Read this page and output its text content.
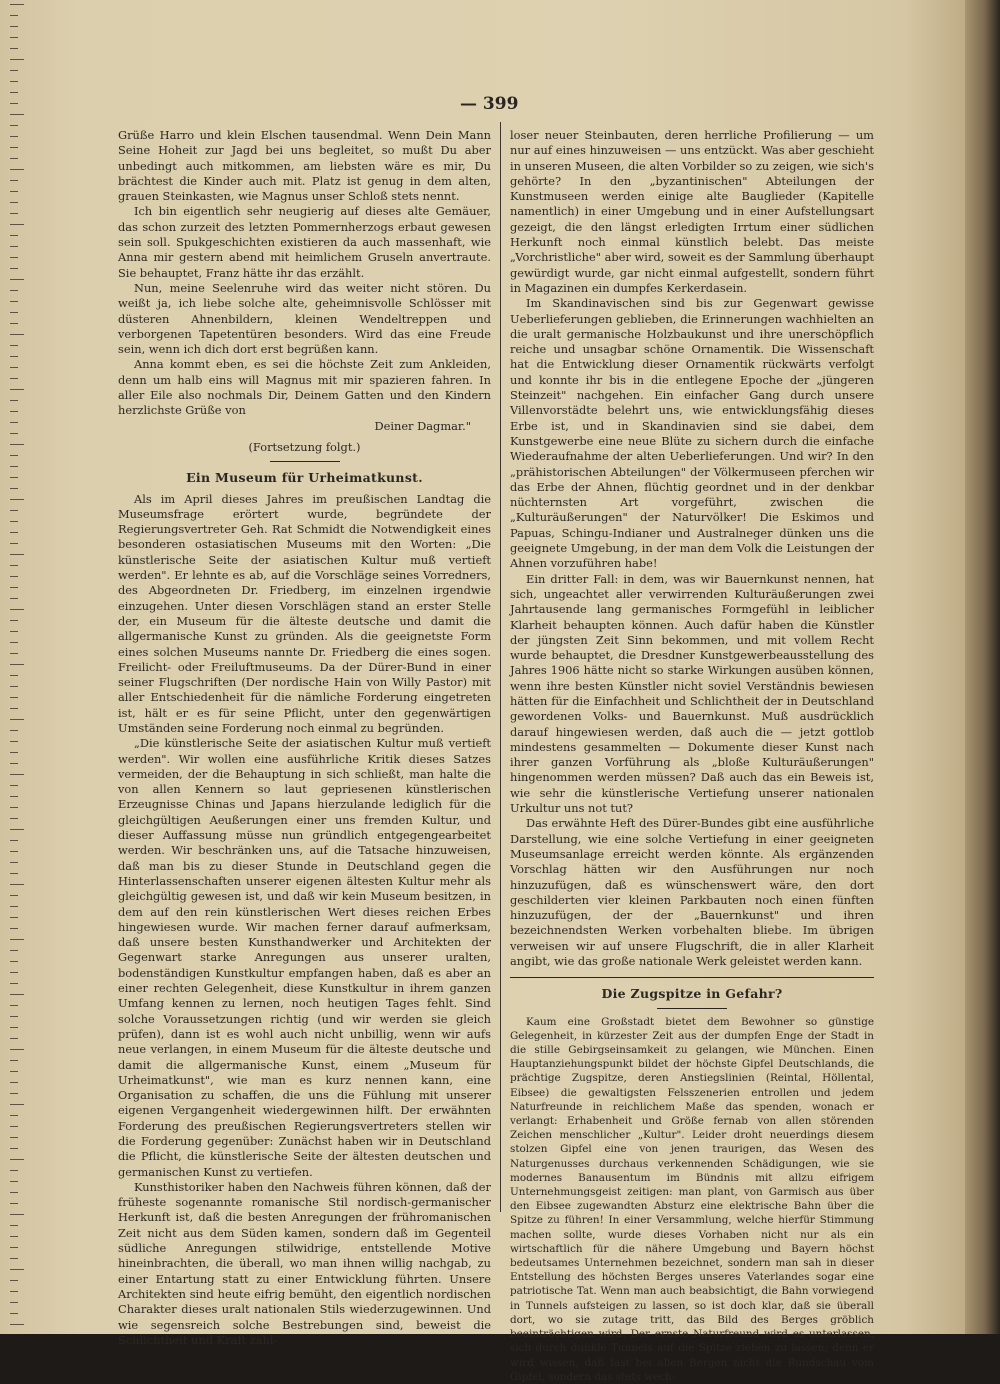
— 399

Grüße Harro und klein Elschen tausendmal. Wenn Dein Mann Seine Hoheit zur Jagd bei uns begleitet, so mußt Du aber unbedingt auch mitkommen, am liebsten wäre es mir, Du brächtest die Kinder auch mit. Platz ist genug in dem alten, grauen Steinkasten, wie Magnus unser Schloß stets nennt.

Ich bin eigentlich sehr neugierig auf dieses alte Gemäuer, das schon zurzeit des letzten Pommernherzogs erbaut gewesen sein soll. Spukgeschichten existieren da auch massenhaft, wie Anna mir gestern abend mit heimlichem Gruseln anvertraute. Sie behauptet, Franz hätte ihr das erzählt.

Nun, meine Seelenruhe wird das weiter nicht stören. Du weißt ja, ich liebe solche alte, geheimnisvolle Schlösser mit düsteren Ahnenbildern, kleinen Wendeltreppen und verborgenen Tapetentüren besonders. Wird das eine Freude sein, wenn ich dich dort erst begrüßen kann.

Anna kommt eben, es sei die höchste Zeit zum Ankleiden, denn um halb eins will Magnus mit mir spazieren fahren. In aller Eile also nochmals Dir, Deinem Gatten und den Kindern herzlichste Grüße von

Deiner Dagmar."

(Fortsetzung folgt.)

Ein Museum für Urheimatkunst.

Als im April dieses Jahres im preußischen Landtag die Museumsfrage erörtert wurde, begründete der Regierungsvertreter Geh. Rat Schmidt die Notwendigkeit eines besonderen ostasiatischen Museums mit den Worten: „Die künstlerische Seite der asiatischen Kultur muß vertieft werden". Er lehnte es ab, auf die Vorschläge seines Vorredners, des Abgeordneten Dr. Friedberg, im einzelnen irgendwie einzugehen. Unter diesen Vorschlägen stand an erster Stelle der, ein Museum für die älteste deutsche und damit die allgermanische Kunst zu gründen. Als die geeignetste Form eines solchen Museums nannte Dr. Friedberg die eines sogen. Freilicht- oder Freiluftmuseums. Da der Dürer-Bund in einer seiner Flugschriften (Der nordische Hain von Willy Pastor) mit aller Entschiedenheit für die nämliche Forderung eingetreten ist, hält er es für seine Pflicht, unter den gegenwärtigen Umständen seine Forderung noch einmal zu begründen.

„Die künstlerische Seite der asiatischen Kultur muß vertieft werden". Wir wollen eine ausführliche Kritik dieses Satzes vermeiden, der die Behauptung in sich schließt, man halte die von allen Kennern so laut gepriesenen künstlerischen Erzeugnisse Chinas und Japans hierzulande lediglich für die gleichgültigen Aeußerungen einer uns fremden Kultur, und dieser Auffassung müsse nun gründlich entgegengearbeitet werden. Wir beschränken uns, auf die Tatsache hinzuweisen, daß man bis zu dieser Stunde in Deutschland gegen die Hinterlassenschaften unserer eigenen ältesten Kultur mehr als gleichgültig gewesen ist, und daß wir kein Museum besitzen, in dem auf den rein künstlerischen Wert dieses reichen Erbes hingewiesen wurde. Wir machen ferner darauf aufmerksam, daß unsere besten Kunsthandwerker und Architekten der Gegenwart starke Anregungen aus unserer uralten, bodenständigen Kunstkultur empfangen haben, daß es aber an einer rechten Gelegenheit, diese Kunstkultur in ihrem ganzen Umfang kennen zu lernen, noch heutigen Tages fehlt. Sind solche Voraussetzungen richtig (und wir werden sie gleich prüfen), dann ist es wohl auch nicht unbillig, wenn wir aufs neue verlangen, in einem Museum für die älteste deutsche und damit die allgermanische Kunst, einem „Museum für Urheimatkunst", wie man es kurz nennen kann, eine Organisation zu schaffen, die uns die Fühlung mit unserer eigenen Vergangenheit wiedergewinnen hilft. Der erwähnten Forderung des preußischen Regierungsvertreters stellen wir die Forderung gegenüber: Zunächst haben wir in Deutschland die Pflicht, die künstlerische Seite der ältesten deutschen und germanischen Kunst zu vertiefen.

Kunsthistoriker haben den Nachweis führen können, daß der früheste sogenannte romanische Stil nordisch-germanischer Herkunft ist, daß die besten Anregungen der frühromanischen Zeit nicht aus dem Süden kamen, sondern daß im Gegenteil südliche Anregungen stilwidrige, entstellende Motive hineinbrachten, die überall, wo man ihnen willig nachgab, zu einer Entartung statt zu einer Entwicklung führten. Unsere Architekten sind heute eifrig bemüht, den eigentlich nordischen Charakter dieses uralt nationalen Stils wiederzugewinnen. Und wie segensreich solche Bestrebungen sind, beweist die Schlichtheit und Kraft zahl-

loser neuer Steinbauten, deren herrliche Profilierung — um nur auf eines hinzuweisen — uns entzückt. Was aber geschieht in unseren Museen, die alten Vorbilder so zu zeigen, wie sich's gehörte? In den „byzantinischen" Abteilungen der Kunstmuseen werden einige alte Bauglieder (Kapitelle namentlich) in einer Umgebung und in einer Aufstellungsart gezeigt, die den längst erledigten Irrtum einer südlichen Herkunft noch einmal künstlich belebt. Das meiste „Vorchristliche" aber wird, soweit es der Sammlung überhaupt gewürdigt wurde, gar nicht einmal aufgestellt, sondern führt in Magazinen ein dumpfes Kerkerdasein.

Im Skandinavischen sind bis zur Gegenwart gewisse Ueberlieferungen geblieben, die Erinnerungen wachhielten an die uralt germanische Holzbaukunst und ihre unerschöpflich reiche und unsagbar schöne Ornamentik. Die Wissenschaft hat die Entwicklung dieser Ornamentik rückwärts verfolgt und konnte ihr bis in die entlegene Epoche der „jüngeren Steinzeit" nachgehen. Ein einfacher Gang durch unsere Villenvorstädte belehrt uns, wie entwicklungsfähig dieses Erbe ist, und in Skandinavien sind sie dabei, dem Kunstgewerbe eine neue Blüte zu sichern durch die einfache Wiederaufnahme der alten Ueberlieferungen. Und wir? In den „prähistorischen Abteilungen" der Völkermuseen pferchen wir das Erbe der Ahnen, flüchtig geordnet und in der denkbar nüchternsten Art vorgeführt, zwischen die „Kulturäußerungen" der Naturvölker! Die Eskimos und Papuas, Schingu-Indianer und Australneger dünken uns die geeignete Umgebung, in der man dem Volk die Leistungen der Ahnen vorzuführen habe!

Ein dritter Fall: in dem, was wir Bauernkunst nennen, hat sich, ungeachtet aller verwirrenden Kulturäußerungen zwei Jahrtausende lang germanisches Formgefühl in leiblicher Klarheit behaupten können. Auch dafür haben die Künstler der jüngsten Zeit Sinn bekommen, und mit vollem Recht wurde behauptet, die Dresdner Kunstgewerbeausstellung des Jahres 1906 hätte nicht so starke Wirkungen ausüben können, wenn ihre besten Künstler nicht soviel Verständnis bewiesen hätten für die Einfachheit und Schlichtheit der in Deutschland gewordenen Volks- und Bauernkunst. Muß ausdrücklich darauf hingewiesen werden, daß auch die — jetzt gottlob mindestens gesammelten — Dokumente dieser Kunst nach ihrer ganzen Vorführung als „bloße Kulturäußerungen" hingenommen werden müssen? Daß auch das ein Beweis ist, wie sehr die künstlerische Vertiefung unserer nationalen Urkultur uns not tut?

Das erwähnte Heft des Dürer-Bundes gibt eine ausführliche Darstellung, wie eine solche Vertiefung in einer geeigneten Museumsanlage erreicht werden könnte. Als ergänzenden Vorschlag hätten wir den Ausführungen nur noch hinzuzufügen, daß es wünschenswert wäre, den dort geschilderten vier kleinen Parkbauten noch einen fünften hinzuzufügen, der der „Bauernkunst" und ihren bezeichnendsten Werken vorbehalten bliebe. Im übrigen verweisen wir auf unsere Flugschrift, die in aller Klarheit angibt, wie das große nationale Werk geleistet werden kann.

Die Zugspitze in Gefahr?

Kaum eine Großstadt bietet dem Bewohner so günstige Gelegenheit, in kürzester Zeit aus der dumpfen Enge der Stadt in die stille Gebirgseinsamkeit zu gelangen, wie München. Einen Hauptanziehungspunkt bildet der höchste Gipfel Deutschlands, die prächtige Zugspitze, deren Anstiegslinien (Reintal, Höllental, Eibsee) die gewaltigsten Felsszenerien entrollen und jedem Naturfreunde in reichlichem Maße das spenden, wonach er verlangt: Erhabenheit und Größe fernab von allen störenden Zeichen menschlicher „Kultur". Leider droht neuerdings diesem stolzen Gipfel eine von jenen traurigen, das Wesen des Naturgenusses durchaus verkennenden Schädigungen, wie sie modernes Banausentum im Bündnis mit allzu eifrigem Unternehmungsgeist zeitigen: man plant, von Garmisch aus über den Eibsee zugewandten Absturz eine elektrische Bahn über die Spitze zu führen! In einer Versammlung, welche hierfür Stimmung machen sollte, wurde dieses Vorhaben nicht nur als ein wirtschaftlich für die nähere Umgebung und Bayern höchst bedeutsames Unternehmen bezeichnet, sondern man sah in dieser Entstellung des höchsten Berges unseres Vaterlandes sogar eine patriotische Tat. Wenn man auch beabsichtigt, die Bahn vorwiegend in Tunnels aufsteigen zu lassen, so ist doch klar, daß sie überall dort, wo sie zutage tritt, das Bild des Berges gröblich beeinträchtigen wird. Der ernste Naturfreund wird es unterlassen, sich durch dunkle Tunnels auf die Spitze ziehen zu lassen; denn er wird wissen, daß fast bei allen Bergen nicht die Rundschau vom Gipfel, sondern das stets wech-
